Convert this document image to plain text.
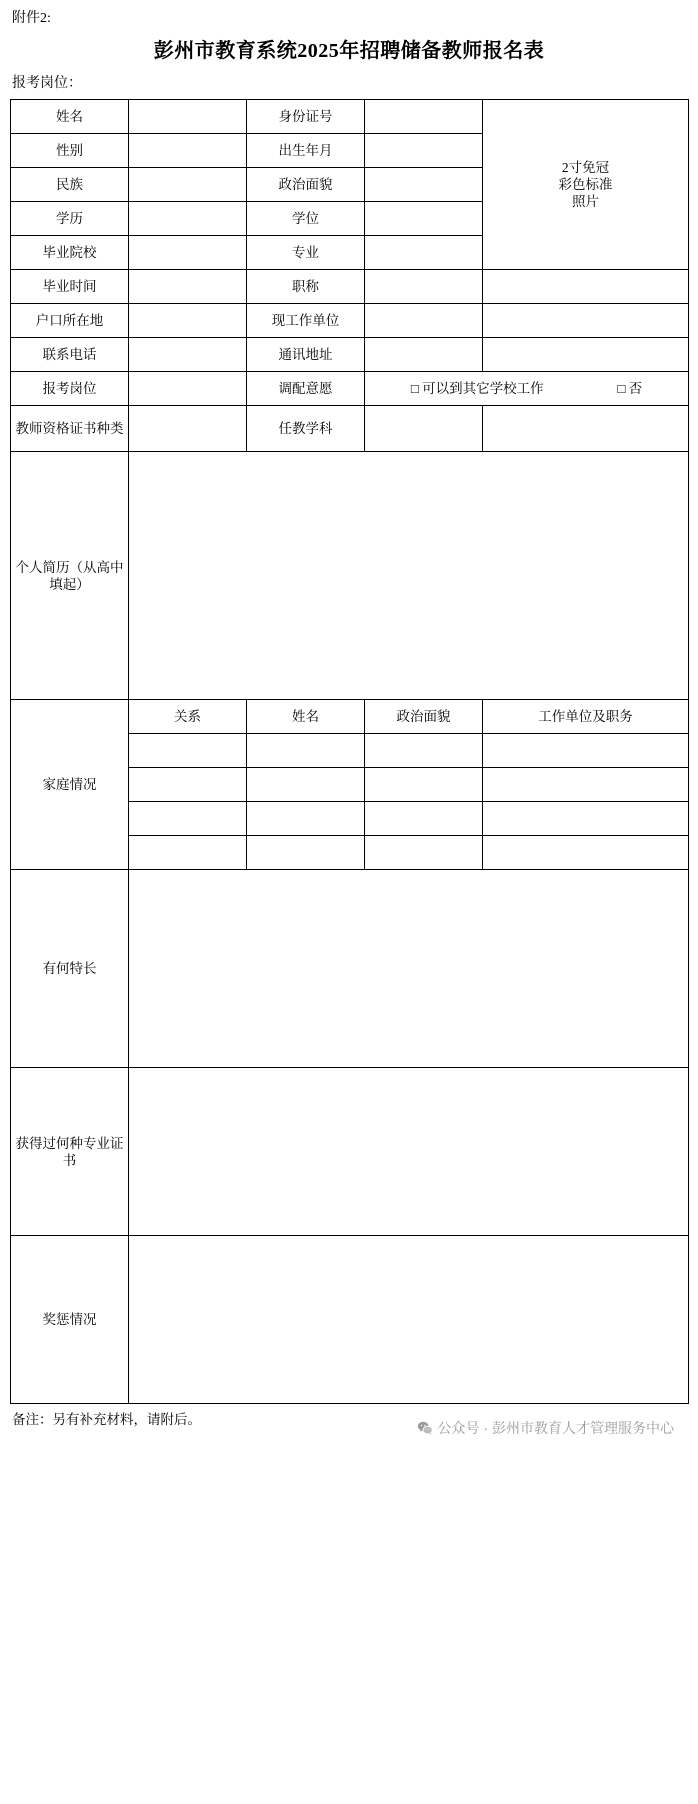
附件2:
彭州市教育系统2025年招聘储备教师报名表
报考岗位：
姓名		身份证号		2寸免冠
彩色标准
照片

性别		出生年月		
民族		政治面貌		
学历		学位		
毕业院校		专业		
毕业时间		职称		
户口所在地		现工作单位		
联系电话		通讯地址		
报考岗位		调配意愿	□ 可以到其它学校工作 □ 否	

教师资格证书种类		任教学科		
个人简历（从高中填起）				
家庭情况	关系	姓名	政治面貌	工作单位及职务

有何特长				
获得过何种专业证书				
奖惩情况				
备注：另有补充材料，请附后。
公众号 · 彭州市教育人才管理服务中心
